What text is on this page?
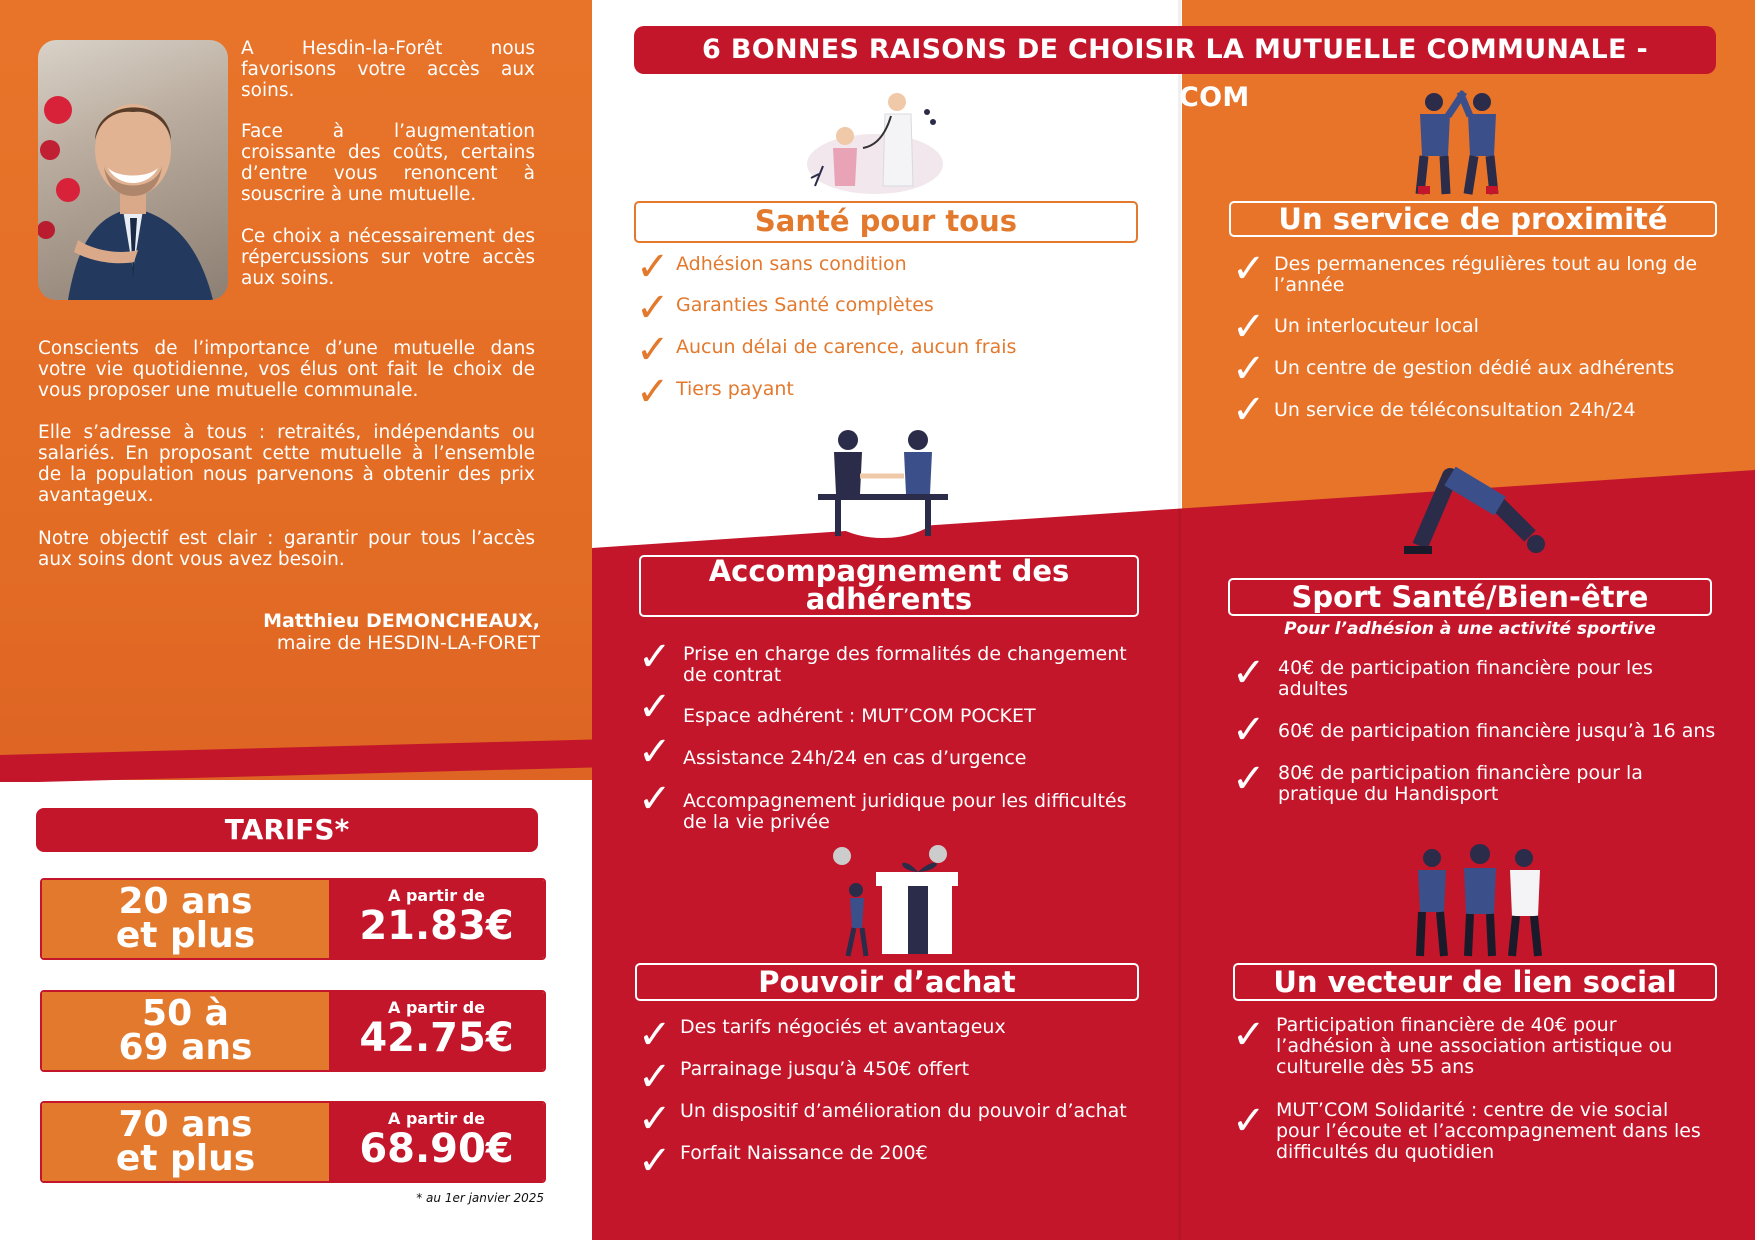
A Hesdin-la-Forêt nous favorisons votre accès aux soins.

Face à l’augmentation croissante des coûts, certains d’entre vous renoncent à souscrire à une mutuelle.

Ce choix a nécessairement des répercussions sur votre accès aux soins.

Conscients de l’importance d’une mutuelle dans votre vie quotidienne, vos élus ont fait le choix de vous proposer une mutuelle communale.

Elle s’adresse à tous : retraités, indépendants ou salariés. En proposant cette mutuelle à l’ensemble de la population nous parvenons à obtenir des prix avantageux.

Notre objectif est clair : garantir pour tous l’accès aux soins dont vous avez besoin.

Matthieu DEMONCHEAUX,
maire de HESDIN-LA-FORET
TARIFS*
20 ans
et plus
A partir de
21.83€
50 à
69 ans
A partir de
42.75€
70 ans
et plus
A partir de
68.90€
* au 1er janvier 2025
6 BONNES RAISONS DE CHOISIR LA MUTUELLE COMMUNALE - MUT’COM
Santé pour tous
✓ Adhésion sans condition
✓ Garanties Santé complètes
✓ Aucun délai de carence, aucun frais
✓ Tiers payant
Un service de proximité
✓ Des permanences régulières tout au long de l’année
✓ Un interlocuteur local
✓ Un centre de gestion dédié aux adhérents
✓ Un service de téléconsultation 24h/24
Accompagnement des
adhérents
✓ Prise en charge des formalités de changement de contrat
✓ Espace adhérent : MUT’COM POCKET
✓ Assistance 24h/24 en cas d’urgence
✓ Accompagnement juridique pour les difficultés de la vie privée
Sport Santé/Bien-être
Pour l’adhésion à une activité sportive
✓ 40€ de participation financière pour les adultes
✓ 60€ de participation financière jusqu’à 16 ans
✓ 80€ de participation financière pour la pratique du Handisport
Pouvoir d’achat
✓ Des tarifs négociés et avantageux
✓ Parrainage jusqu’à 450€ offert
✓ Un dispositif d’amélioration du pouvoir d’achat
✓ Forfait Naissance de 200€
Un vecteur de lien social
✓ Participation financière de 40€ pour l’adhésion à une association artistique ou culturelle dès 55 ans
✓ MUT’COM Solidarité : centre de vie social pour l’écoute et l’accompagnement dans les difficultés du quotidien
